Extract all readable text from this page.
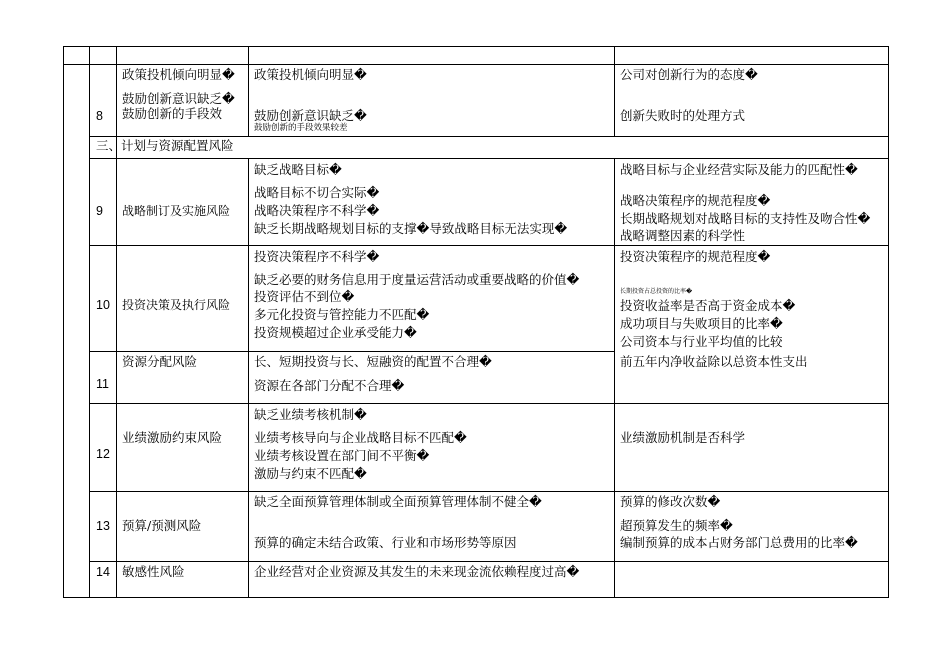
8
政策投机倾向明显�
鼓励创新意识缺乏�
鼓励创新的手段效
政策投机倾向明显�
鼓励创新意识缺乏�
鼓励创新的手段效果较差
公司对创新行为的态度�
创新失败时的处理方式
三、计划与资源配置风险
9 战略制订及实施风险
缺乏战略目标�
战略目标不切合实际�
战略决策程序不科学�
缺乏长期战略规划目标的支撑�导致战略目标无法实现�
战略目标与企业经营实际及能力的匹配性�
战略决策程序的规范程度�
长期战略规划对战略目标的支持性及吻合性�
战略调整因素的科学性
10 投资决策及执行风险
投资决策程序不科学�
缺乏必要的财务信息用于度量运营活动或重要战略的价值�
投资评估不到位�
多元化投资与管控能力不匹配�
投资规模超过企业承受能力�
投资决策程序的规范程度�
长期投资占总投资的比率�
投资收益率是否高于资金成本�
成功项目与失败项目的比率�
公司资本与行业平均值的比较
前五年内净收益除以总资本性支出
11
资源分配风险	长、短期投资与长、短融资的配置不合理�
资源在各部门分配不合理�
12
业绩激励约束风险
缺乏业绩考核机制�
业绩考核导向与企业战略目标不匹配�
业绩考核设置在部门间不平衡�
激励与约束不匹配�
业绩激励机制是否科学
13 预算/预测风险
缺乏全面预算管理体制或全面预算管理体制不健全�
预算的确定未结合政策、行业和市场形势等原因
预算的修改次数�
超预算发生的频率�
编制预算的成本占财务部门总费用的比率�
14 敏感性风险	企业经营对企业资源及其发生的未来现金流依赖程度过高�
